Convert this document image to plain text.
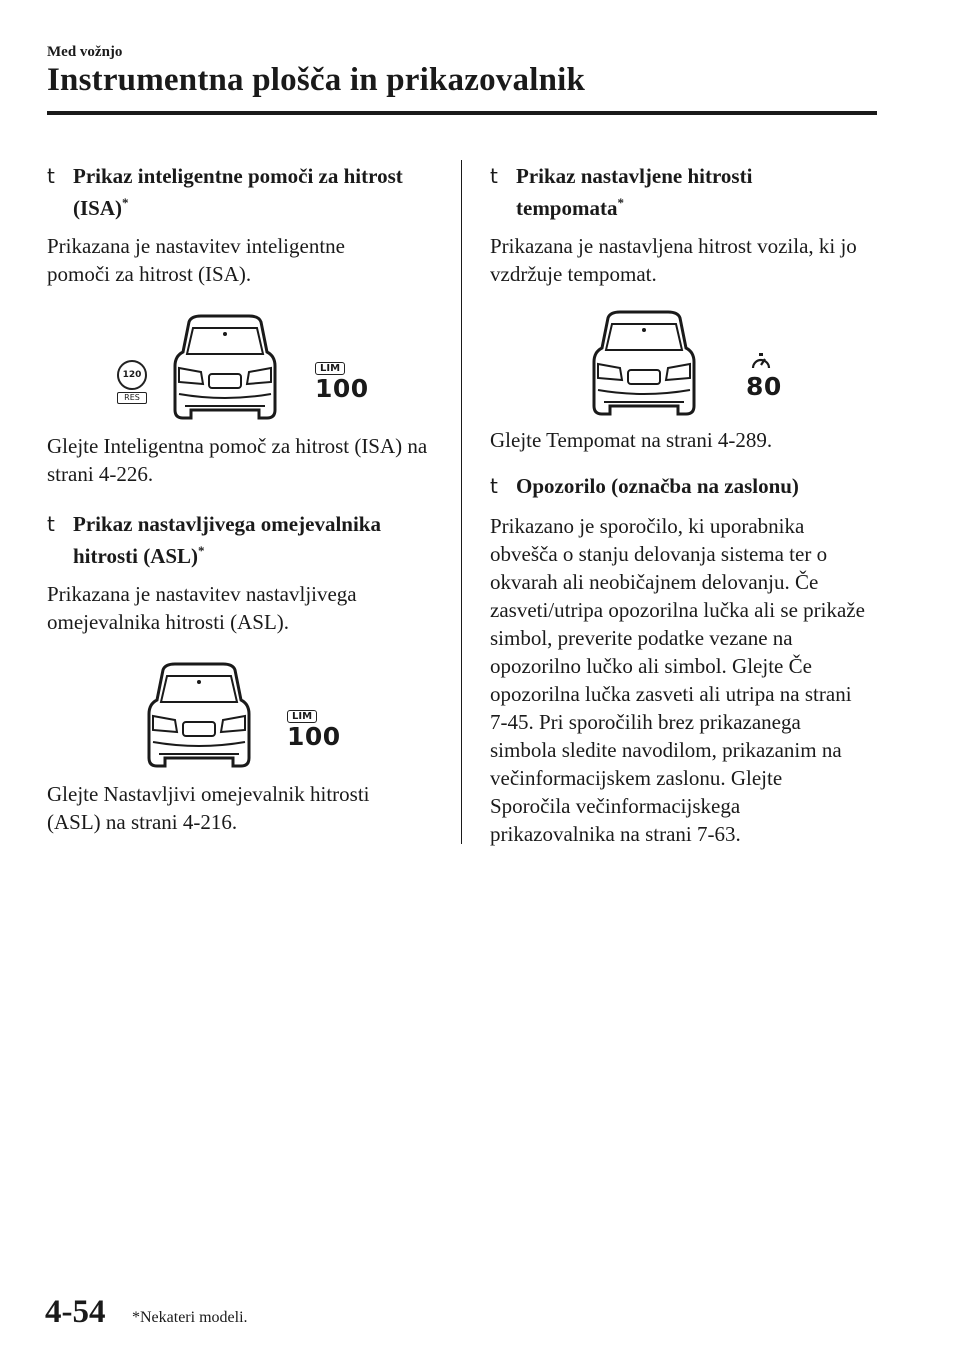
Med vožnjo
Instrumentna plošča in prikazovalnik
t Prikaz inteligentne pomoči za hitrost (ISA)*
Prikazana je nastavitev inteligentne pomoči za hitrost (ISA).
120
RES
LIM
100
Glejte Inteligentna pomoč za hitrost (ISA) na strani 4-226.
t Prikaz nastavljivega omejevalnika hitrosti (ASL)*
Prikazana je nastavitev nastavljivega omejevalnika hitrosti (ASL).
LIM
100
Glejte Nastavljivi omejevalnik hitrosti (ASL) na strani 4-216.
t Prikaz nastavljene hitrosti tempomata*
Prikazana je nastavljena hitrost vozila, ki jo vzdržuje tempomat.
80
Glejte Tempomat na strani 4-289.
t Opozorilo (označba na zaslonu)
Prikazano je sporočilo, ki uporabnika obvešča o stanju delovanja sistema ter o okvarah ali neobičajnem delovanju. Če zasveti/utripa opozorilna lučka ali se prikaže simbol, preverite podatke vezane na opozorilno lučko ali simbol. Glejte Če opozorilna lučka zasveti ali utripa na strani 7-45. Pri sporočilih brez prikazanega simbola sledite navodilom, prikazanim na večinformacijskem zaslonu. Glejte Sporočila večinformacijskega prikazovalnika na strani 7-63.
4-54 *Nekateri modeli.
